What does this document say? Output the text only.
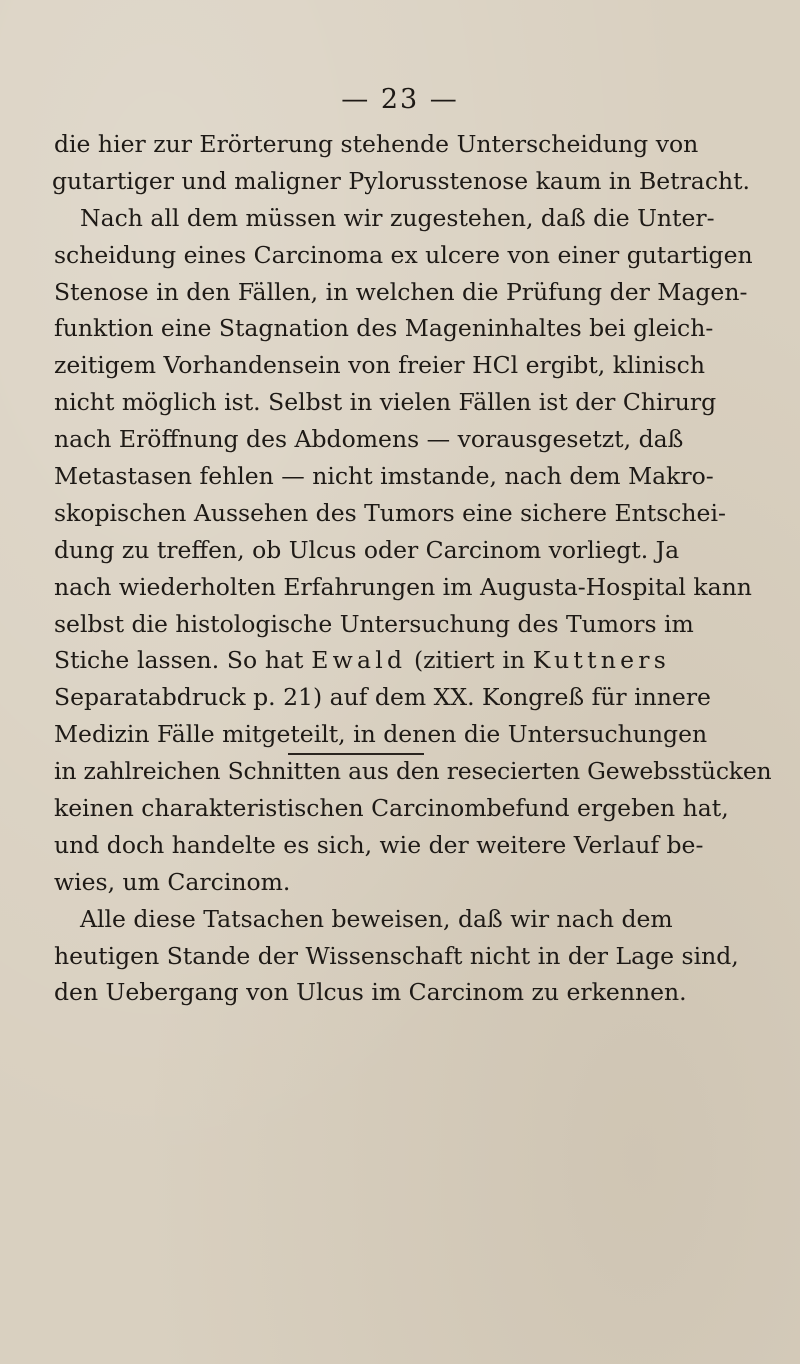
— 23 —
die hier zur Erörterung stehende Unterscheidung von
gutartiger und maligner Pylorusstenose kaum in Betracht.
Nach all dem müssen wir zugestehen, daß die Unter-
scheidung eines Carcinoma ex ulcere von einer gutartigen
Stenose in den Fällen, in welchen die Prüfung der Magen-
funktion eine Stagnation des Mageninhaltes bei gleich-
zeitigem Vorhandensein von freier HCl ergibt, klinisch
nicht möglich ist. Selbst in vielen Fällen ist der Chirurg
nach Eröffnung des Abdomens — vorausgesetzt, daß
Metastasen fehlen — nicht imstande, nach dem Makro-
skopischen Aussehen des Tumors eine sichere Entschei-
dung zu treffen, ob Ulcus oder Carcinom vorliegt. Ja
nach wiederholten Erfahrungen im Augusta-Hospital kann
selbst die histologische Untersuchung des Tumors im
Stiche lassen. So hat Ewald (zitiert in Kuttners
Separatabdruck p. 21) auf dem XX. Kongreß für innere
Medizin Fälle mitgeteilt, in denen die Untersuchungen
in zahlreichen Schnitten aus den resecierten Gewebsstücken
keinen charakteristischen Carcinombefund ergeben hat,
und doch handelte es sich, wie der weitere Verlauf be-
wies, um Carcinom.
Alle diese Tatsachen beweisen, daß wir nach dem
heutigen Stande der Wissenschaft nicht in der Lage sind,
den Uebergang von Ulcus im Carcinom zu erkennen.
